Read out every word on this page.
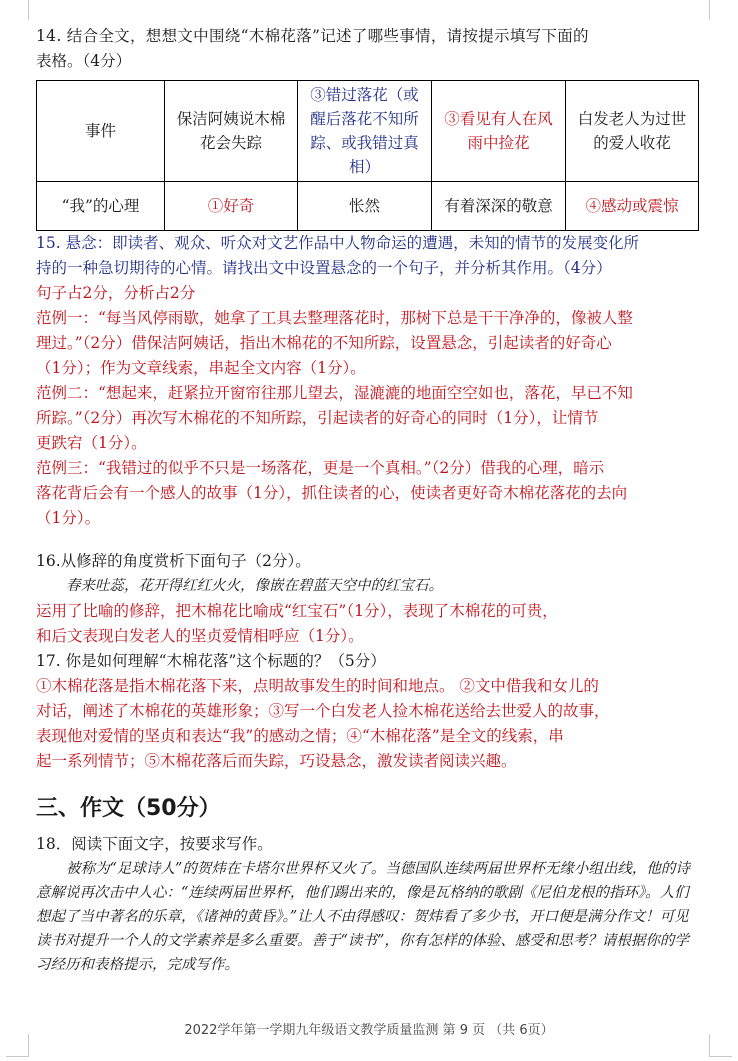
14. 结合全文，想想文中围绕“木棉花落”记述了哪些事情，请按提示填写下面的
表格。（4分）
事件	保洁阿姨说木棉花会失踪	③错过落花（或醒后落花不知所踪、或我错过真相）	③看见有人在风雨中捡花	白发老人为过世的爱人收花
“我”的心理	①好奇	怅然	有着深深的敬意	④感动或震惊
15. 悬念：即读者、观众、听众对文艺作品中人物命运的遭遇，未知的情节的发展变化所
持的一种急切期待的心情。请找出文中设置悬念的一个句子，并分析其作用。（4分）
句子占2分，分析占2分
范例一：“每当风停雨歇，她拿了工具去整理落花时，那树下总是干干净净的，像被人整
理过。”（2分）借保洁阿姨话，指出木棉花的不知所踪，设置悬念，引起读者的好奇心
（1分）；作为文章线索，串起全文内容（1分）。
范例二：“想起来，赶紧拉开窗帘往那儿望去，湿漉漉的地面空空如也，落花，早已不知
所踪。”（2分）再次写木棉花的不知所踪，引起读者的好奇心的同时（1分），让情节
更跌宕（1分）。
范例三：“我错过的似乎不只是一场落花，更是一个真相。”（2分）借我的心理，暗示
落花背后会有一个感人的故事（1分），抓住读者的心，使读者更好奇木棉花落花的去向
（1分）。
16.从修辞的角度赏析下面句子（2分）。
春来吐蕊，花开得红红火火，像嵌在碧蓝天空中的红宝石。
运用了比喻的修辞，把木棉花比喻成“红宝石”（1分），表现了木棉花的可贵，
和后文表现白发老人的坚贞爱情相呼应（1分）。
17. 你是如何理解“木棉花落”这个标题的？（5分）
①木棉花落是指木棉花落下来，点明故事发生的时间和地点。 ②文中借我和女儿的
对话，阐述了木棉花的英雄形象；③写一个白发老人捡木棉花送给去世爱人的故事，
表现他对爱情的坚贞和表达“我”的感动之情；④“木棉花落”是全文的线索，串
起一系列情节；⑤木棉花落后而失踪，巧设悬念，激发读者阅读兴趣。
三、作文（50分）
18．阅读下面文字，按要求写作。

被称为“足球诗人”的贺炜在卡塔尔世界杯又火了。当德国队连续两届世界杯无缘小组出线，他的诗意解说再次击中人心：“连续两届世界杯，他们踢出来的，像是瓦格纳的歌剧《尼伯龙根的指环》。人们想起了当中著名的乐章，《诸神的黄昏》。”让人不由得感叹：贺炜看了多少书，开口便是满分作文！可见读书对提升一个人的文学素养是多么重要。善于“读书”，你有怎样的体验、感受和思考？请根据你的学习经历和表格提示，完成写作。

2022学年第一学期九年级语文教学质量监测 第 9 页 （共 6页）
